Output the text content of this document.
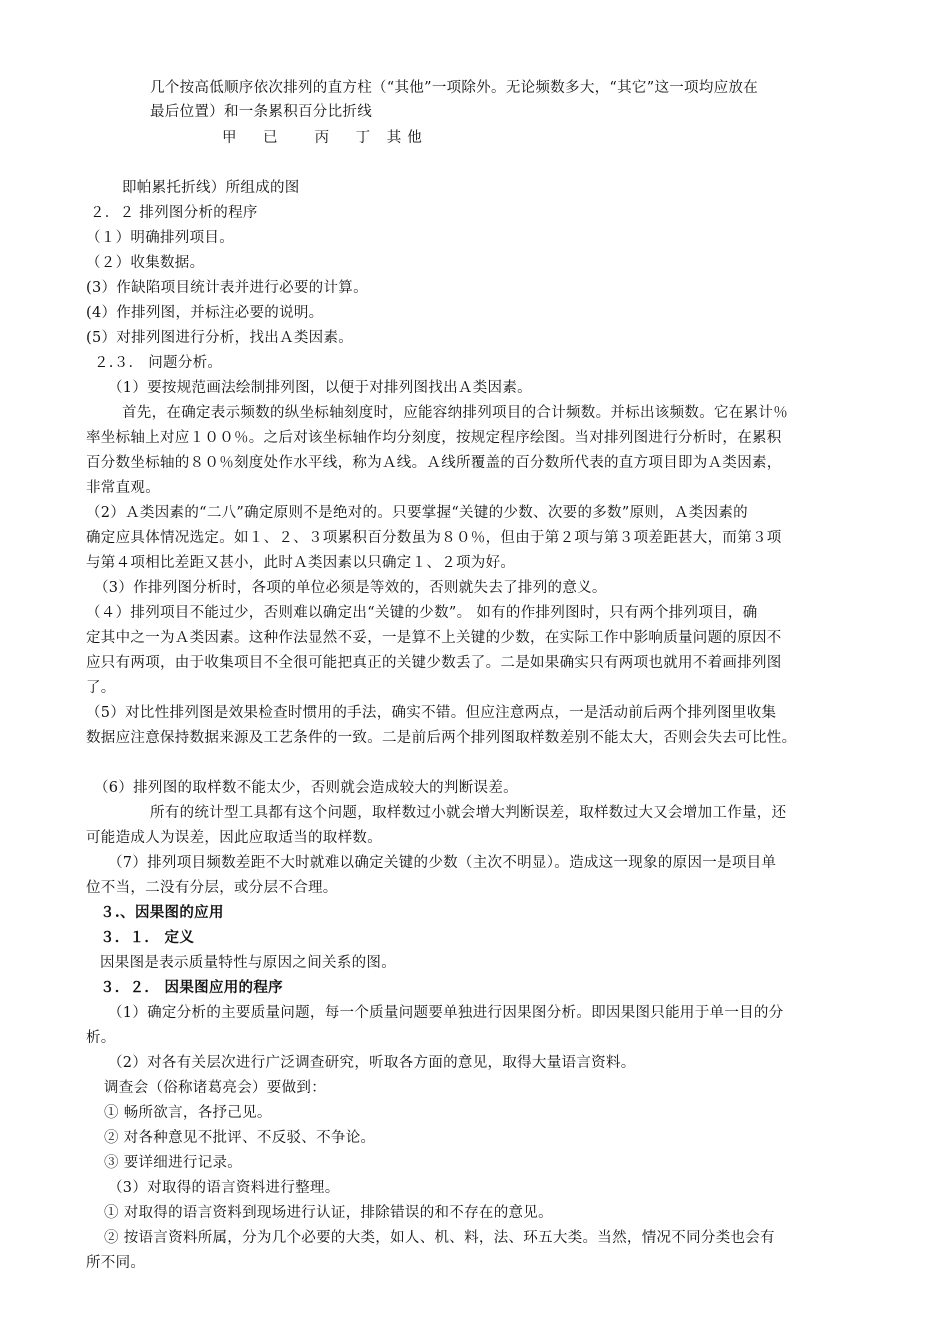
几个按高低顺序依次排列的直方柱（“其他”一项除外。无论频数多大，“其它”这一项均应放在
最后位置）和一条累积百分比折线
甲　已　 丙　丁 其他
即帕累托折线）所组成的图
２．２ 排列图分析的程序
（１）明确排列项目。
（２）收集数据。
(3）作缺陷项目统计表并进行必要的计算。
(4）作排列图，并标注必要的说明。
(5）对排列图进行分析，找出Ａ类因素。
２.３． 问题分析。
（1）要按规范画法绘制排列图，以便于对排列图找出Ａ类因素。
首先，在确定表示频数的纵坐标轴刻度时，应能容纳排列项目的合计频数。并标出该频数。它在累计％
率坐标轴上对应１００％。之后对该坐标轴作均分刻度，按规定程序绘图。当对排列图进行分析时，在累积
百分数坐标轴的８０％刻度处作水平线，称为Ａ线。Ａ线所覆盖的百分数所代表的直方项目即为Ａ类因素，
非常直观。
（2）Ａ类因素的“二八”确定原则不是绝对的。只要掌握“关键的少数、次要的多数”原则，Ａ类因素的
确定应具体情况选定。如１、２、３项累积百分数虽为８０％，但由于第２项与第３项差距甚大，而第３项
与第４项相比差距又甚小，此时Ａ类因素以只确定１、２项为好。
（3）作排列图分析时，各项的单位必须是等效的，否则就失去了排列的意义。
（４）排列项目不能过少，否则难以确定出“关键的少数”。 如有的作排列图时，只有两个排列项目，确
定其中之一为Ａ类因素。这种作法显然不妥，一是算不上关键的少数，在实际工作中影响质量问题的原因不
应只有两项，由于收集项目不全很可能把真正的关键少数丢了。二是如果确实只有两项也就用不着画排列图
了。
（5）对比性排列图是效果检查时惯用的手法，确实不错。但应注意两点，一是活动前后两个排列图里收集
数据应注意保持数据来源及工艺条件的一致。二是前后两个排列图取样数差别不能太大，否则会失去可比性。
（6）排列图的取样数不能太少，否则就会造成较大的判断误差。
所有的统计型工具都有这个问题，取样数过小就会增大判断误差，取样数过大又会增加工作量，还
可能造成人为误差，因此应取适当的取样数。
（7）排列项目频数差距不大时就难以确定关键的少数（主次不明显）。造成这一现象的原因一是项目单
位不当，二没有分层，或分层不合理。
３.、因果图的应用
３．１． 定义
因果图是表示质量特性与原因之间关系的图。
３．２． 因果图应用的程序
（1）确定分析的主要质量问题，每一个质量问题要单独进行因果图分析。即因果图只能用于单一目的分
析。
（2）对各有关层次进行广泛调查研究，听取各方面的意见，取得大量语言资料。
调查会（俗称诸葛亮会）要做到：
① 畅所欲言，各抒己见。
② 对各种意见不批评、不反驳、不争论。
③ 要详细进行记录。
（3）对取得的语言资料进行整理。
① 对取得的语言资料到现场进行认证，排除错误的和不存在的意见。
② 按语言资料所属，分为几个必要的大类，如人、机、料，法、环五大类。当然，情况不同分类也会有
所不同。
